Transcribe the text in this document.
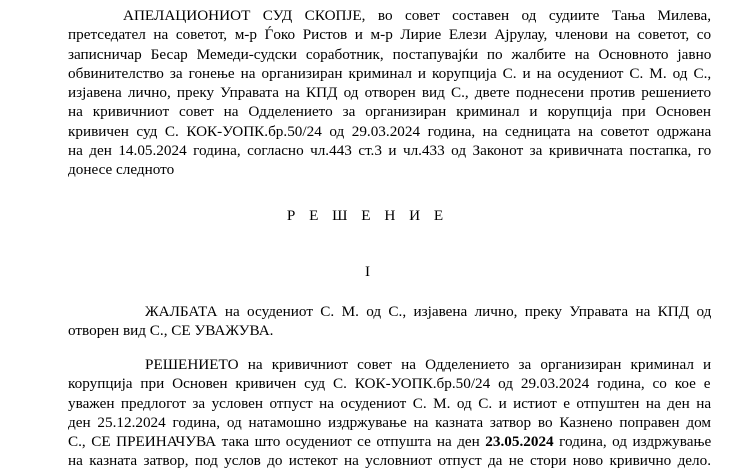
АПЕЛАЦИОНИОТ СУД СКОПЈЕ, во совет составен од судиите Тања Милева,
претседател на советот, м-р Ѓоко Ристов и м-р Лирие Елези Ајрулау, членови на советот, со
записничар Бесар Мемеди-судски соработник, постапувајќи по жалбите на Основното јавно
обвинителство за гонење на организиран криминал и корупција С. и на осудениот С. М. од С.,
изјавена лично, преку Управата на КПД од отворен вид С., двете поднесени против решението
на кривичниот совет на Одделението за организиран криминал и корупција при Основен
кривичен суд С. КОК-УОПК.бр.50/24 од 29.03.2024 година, на седницата на советот одржана
на ден 14.05.2024 година, согласно чл.443 ст.3 и чл.433 од Законот за кривичната постапка, го
донесе следното
Р Е Ш Е Н И Е
I
ЖАЛБАТА на осудениот С. М. од С., изјавена лично, преку Управата на КПД од
отворен вид С., СЕ УВАЖУВА.
РЕШЕНИЕТО на кривичниот совет на Одделението за организиран криминал и
корупција при Основен кривичен суд С. КОК-УОПК.бр.50/24 од 29.03.2024 година, со кое е
уважен предлогот за условен отпуст на осудениот С. М. од С. и истиот е отпуштен на ден на
ден 25.12.2024 година, од натамошно издржување на казната затвор во Казнено поправен дом
С., СЕ ПРЕИНАЧУВА така што осудениот се отпушта на ден 23.05.2024 година, од издржување
на казната затвор, под услов до истекот на условниот отпуст да не стори ново кривично дело.
